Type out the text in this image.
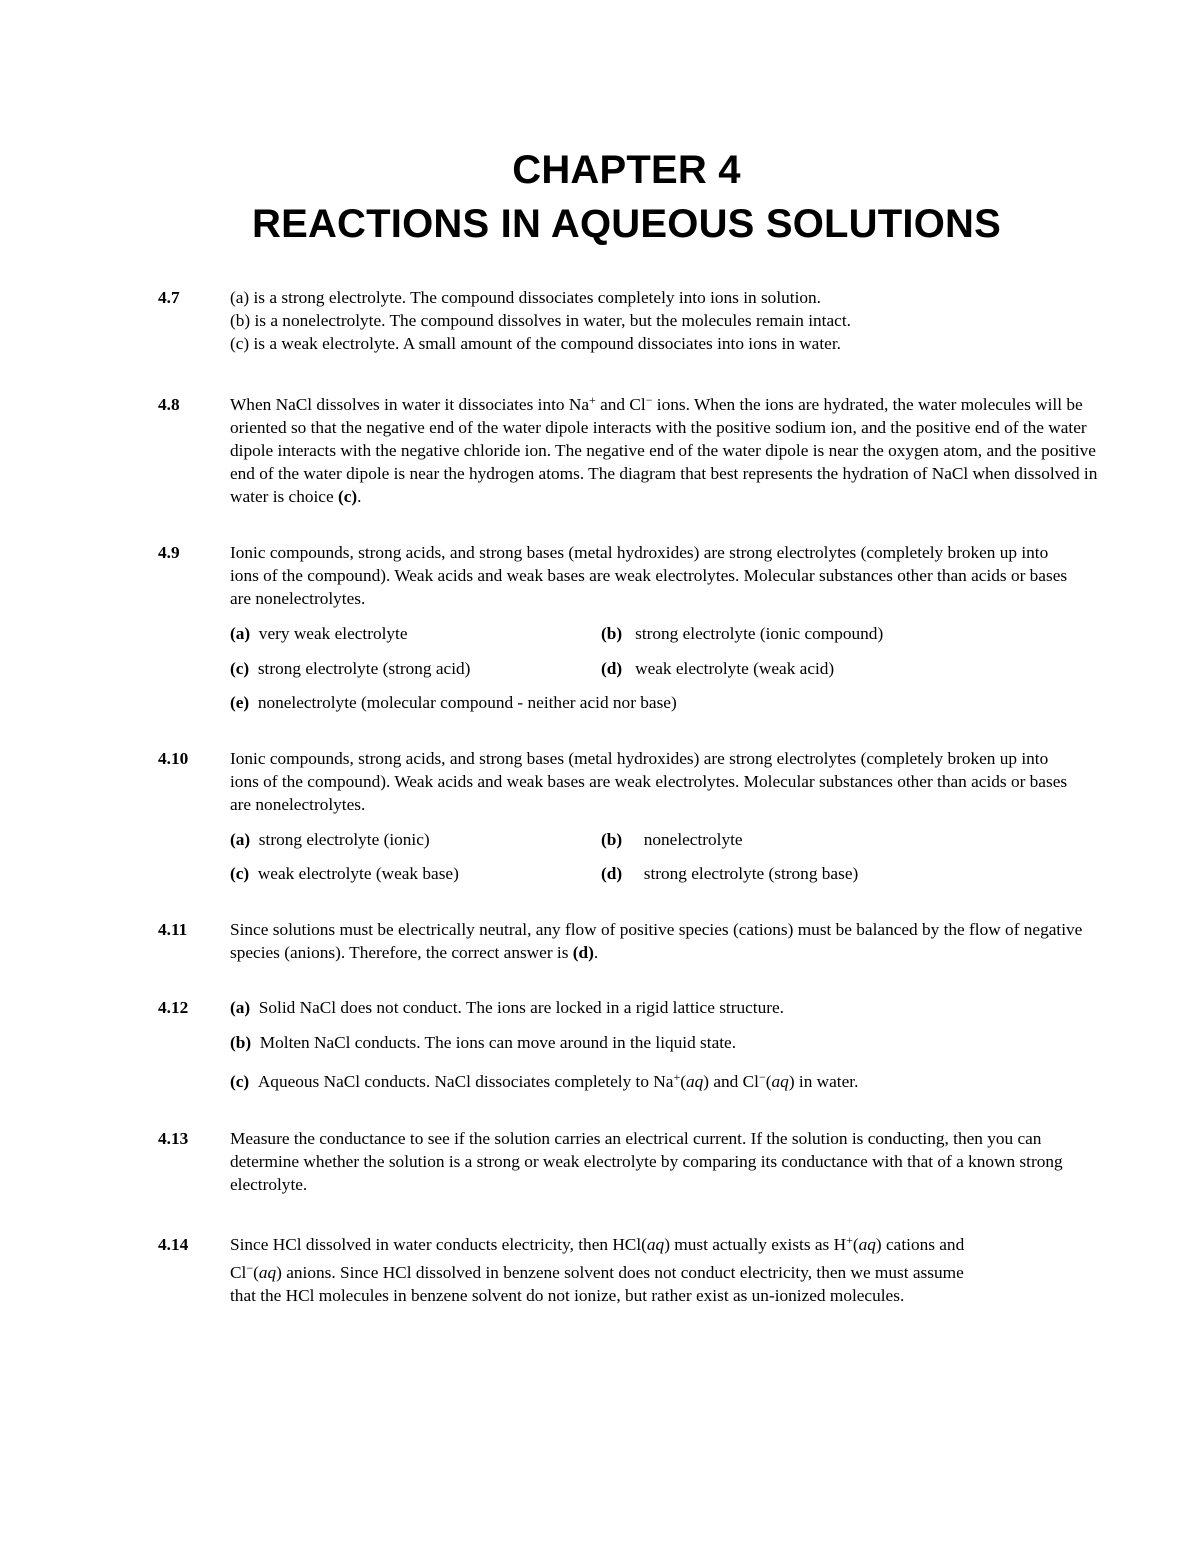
CHAPTER 4
REACTIONS IN AQUEOUS SOLUTIONS
4.7	(a) is a strong electrolyte. The compound dissociates completely into ions in solution.
(b) is a nonelectrolyte. The compound dissolves in water, but the molecules remain intact.
(c) is a weak electrolyte. A small amount of the compound dissociates into ions in water.
4.8	When NaCl dissolves in water it dissociates into Na+ and Cl− ions. When the ions are hydrated, the water molecules will be oriented so that the negative end of the water dipole interacts with the positive sodium ion, and the positive end of the water dipole interacts with the negative chloride ion. The negative end of the water dipole is near the oxygen atom, and the positive end of the water dipole is near the hydrogen atoms. The diagram that best represents the hydration of NaCl when dissolved in water is choice (c).
4.9	Ionic compounds, strong acids, and strong bases (metal hydroxides) are strong electrolytes (completely broken up into ions of the compound). Weak acids and weak bases are weak electrolytes. Molecular substances other than acids or bases are nonelectrolytes.
(a) very weak electrolyte	(b) strong electrolyte (ionic compound)
(c) strong electrolyte (strong acid)	(d) weak electrolyte (weak acid)
(e) nonelectrolyte (molecular compound - neither acid nor base)
4.10 Ionic compounds, strong acids, and strong bases (metal hydroxides) are strong electrolytes (completely broken up into ions of the compound). Weak acids and weak bases are weak electrolytes. Molecular substances other than acids or bases are nonelectrolytes.
(a) strong electrolyte (ionic)	(b) nonelectrolyte
(c) weak electrolyte (weak base)	(d) strong electrolyte (strong base)
4.11 Since solutions must be electrically neutral, any flow of positive species (cations) must be balanced by the flow of negative species (anions). Therefore, the correct answer is (d).
4.12 (a) Solid NaCl does not conduct. The ions are locked in a rigid lattice structure.
(b) Molten NaCl conducts. The ions can move around in the liquid state.
(c) Aqueous NaCl conducts. NaCl dissociates completely to Na+(aq) and Cl−(aq) in water.
4.13 Measure the conductance to see if the solution carries an electrical current. If the solution is conducting, then you can determine whether the solution is a strong or weak electrolyte by comparing its conductance with that of a known strong electrolyte.
4.14 Since HCl dissolved in water conducts electricity, then HCl(aq) must actually exists as H+(aq) cations and
Cl−(aq) anions. Since HCl dissolved in benzene solvent does not conduct electricity, then we must assume
that the HCl molecules in benzene solvent do not ionize, but rather exist as un-ionized molecules.
